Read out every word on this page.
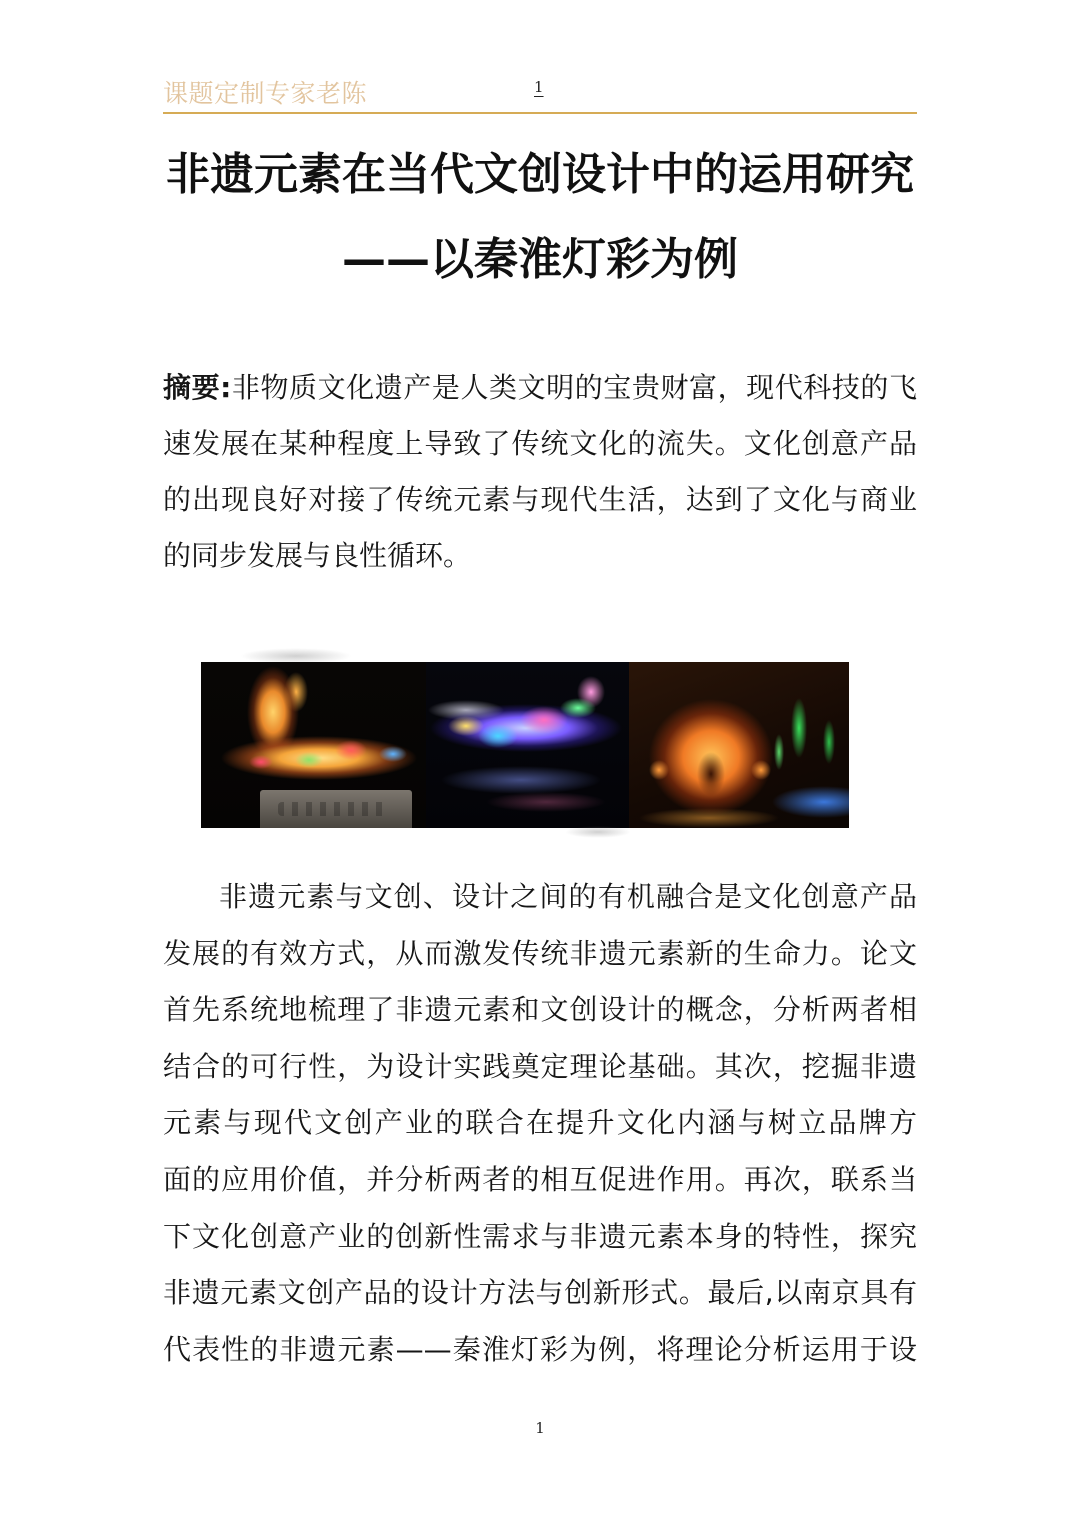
课题定制专家老陈	1
非遗元素在当代文创设计中的运用研究
——以秦淮灯彩为例
摘要:非物质文化遗产是人类文明的宝贵财富，现代科技的飞
速发展在某种程度上导致了传统文化的流失。文化创意产品
的出现良好对接了传统元素与现代生活，达到了文化与商业
的同步发展与良性循环。
非遗元素与文创、设计之间的有机融合是文化创意产品
发展的有效方式，从而激发传统非遗元素新的生命力。论文
首先系统地梳理了非遗元素和文创设计的概念，分析两者相
结合的可行性，为设计实践奠定理论基础。其次，挖掘非遗
元素与现代文创产业的联合在提升文化内涵与树立品牌方
面的应用价值，并分析两者的相互促进作用。再次，联系当
下文化创意产业的创新性需求与非遗元素本身的特性，探究
非遗元素文创产品的设计方法与创新形式。最后,以南京具有
代表性的非遗元素——秦淮灯彩为例，将理论分析运用于设
1
